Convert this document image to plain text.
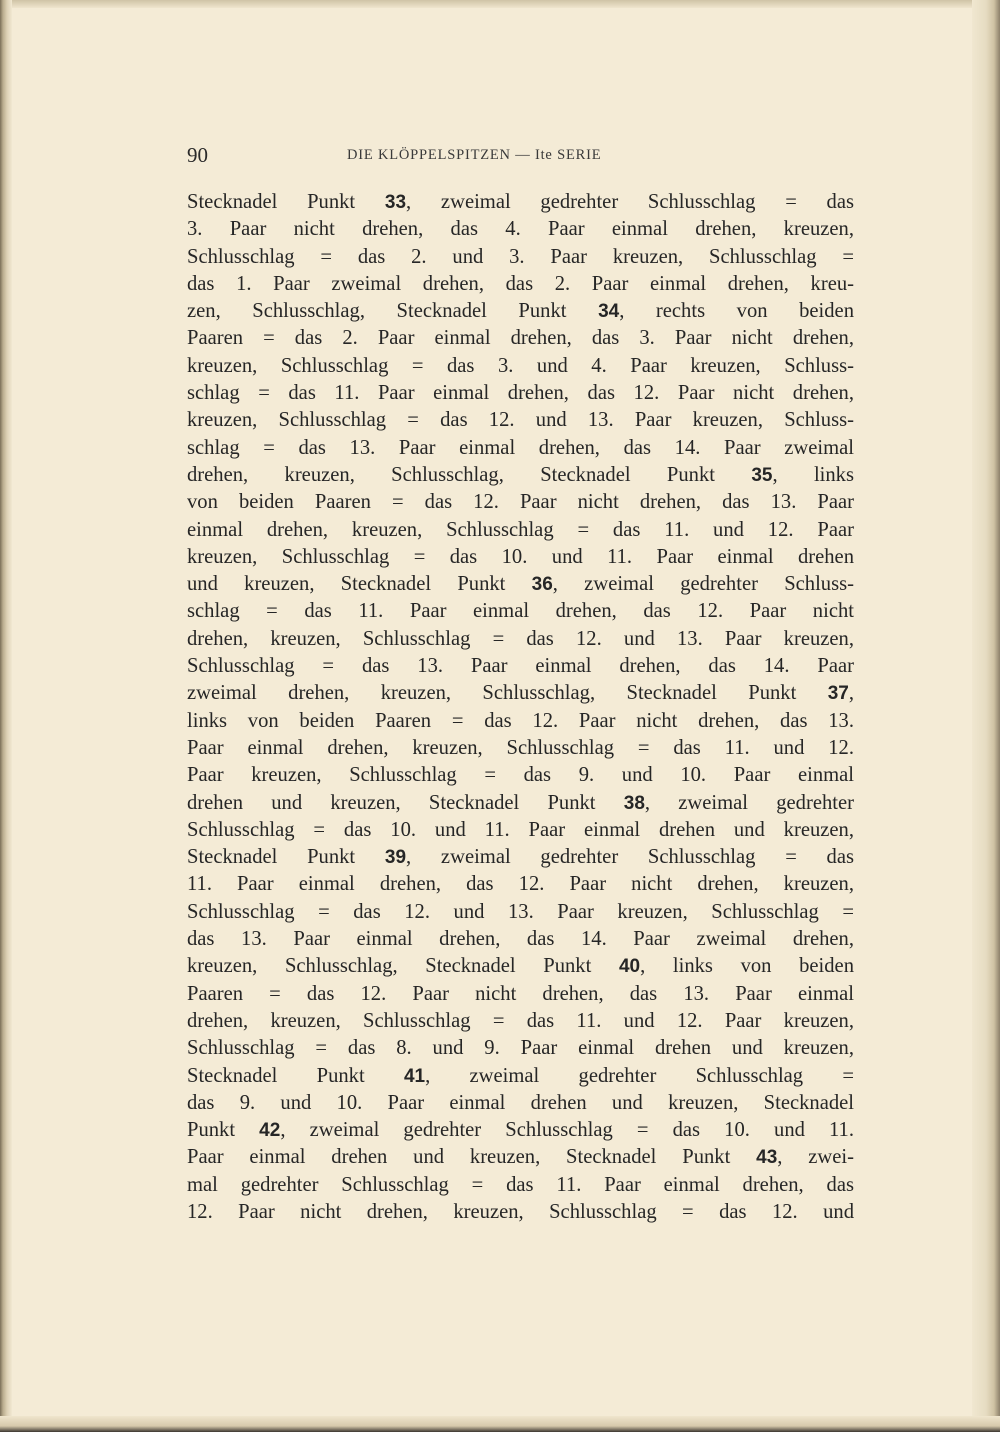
90	DIE KLÖPPELSPITZEN — Ite SERIE
Stecknadel Punkt 33, zweimal gedrehter Schlusschlag = das
3. Paar nicht drehen, das 4. Paar einmal drehen, kreuzen,
Schlusschlag = das 2. und 3. Paar kreuzen, Schlusschlag =
das 1. Paar zweimal drehen, das 2. Paar einmal drehen, kreu-
zen, Schlusschlag, Stecknadel Punkt 34, rechts von beiden
Paaren = das 2. Paar einmal drehen, das 3. Paar nicht drehen,
kreuzen, Schlusschlag = das 3. und 4. Paar kreuzen, Schluss-
schlag = das 11. Paar einmal drehen, das 12. Paar nicht drehen,
kreuzen, Schlusschlag = das 12. und 13. Paar kreuzen, Schluss-
schlag = das 13. Paar einmal drehen, das 14. Paar zweimal
drehen, kreuzen, Schlusschlag, Stecknadel Punkt 35, links
von beiden Paaren = das 12. Paar nicht drehen, das 13. Paar
einmal drehen, kreuzen, Schlusschlag = das 11. und 12. Paar
kreuzen, Schlusschlag = das 10. und 11. Paar einmal drehen
und kreuzen, Stecknadel Punkt 36, zweimal gedrehter Schluss-
schlag = das 11. Paar einmal drehen, das 12. Paar nicht
drehen, kreuzen, Schlusschlag = das 12. und 13. Paar kreuzen,
Schlusschlag = das 13. Paar einmal drehen, das 14. Paar
zweimal drehen, kreuzen, Schlusschlag, Stecknadel Punkt 37,
links von beiden Paaren = das 12. Paar nicht drehen, das 13.
Paar einmal drehen, kreuzen, Schlusschlag = das 11. und 12.
Paar kreuzen, Schlusschlag = das 9. und 10. Paar einmal
drehen und kreuzen, Stecknadel Punkt 38, zweimal gedrehter
Schlusschlag = das 10. und 11. Paar einmal drehen und kreuzen,
Stecknadel Punkt 39, zweimal gedrehter Schlusschlag = das
11. Paar einmal drehen, das 12. Paar nicht drehen, kreuzen,
Schlusschlag = das 12. und 13. Paar kreuzen, Schlusschlag =
das 13. Paar einmal drehen, das 14. Paar zweimal drehen,
kreuzen, Schlusschlag, Stecknadel Punkt 40, links von beiden
Paaren = das 12. Paar nicht drehen, das 13. Paar einmal
drehen, kreuzen, Schlusschlag = das 11. und 12. Paar kreuzen,
Schlusschlag = das 8. und 9. Paar einmal drehen und kreuzen,
Stecknadel Punkt 41, zweimal gedrehter Schlusschlag =
das 9. und 10. Paar einmal drehen und kreuzen, Stecknadel
Punkt 42, zweimal gedrehter Schlusschlag = das 10. und 11.
Paar einmal drehen und kreuzen, Stecknadel Punkt 43, zwei-
mal gedrehter Schlusschlag = das 11. Paar einmal drehen, das
12. Paar nicht drehen, kreuzen, Schlusschlag = das 12. und
